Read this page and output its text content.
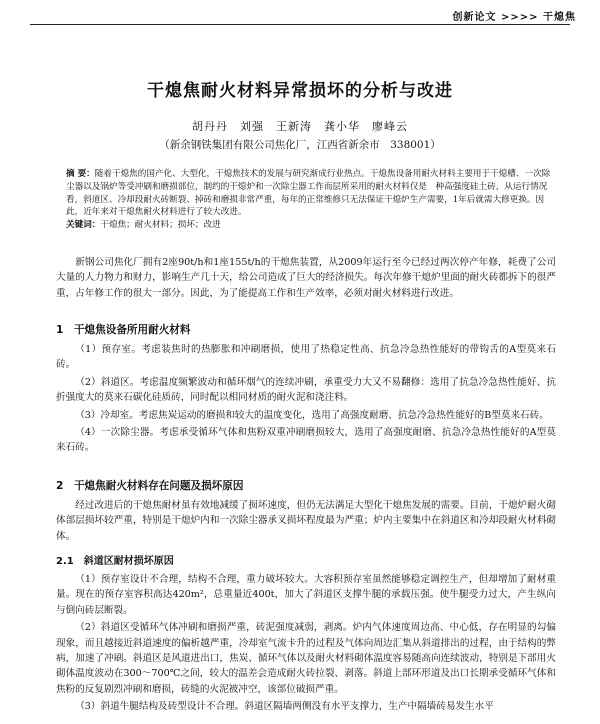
创新论文 >>>> 干熄焦
干熄焦耐火材料异常损坏的分析与改进
胡丹丹　刘强　王新涛　龚小华　廖峰云
（新余钢铁集团有限公司焦化厂，江西省新余市　338001）

摘 要：随着干熄焦的国产化、大型化，干熄焦技术的发展与研究渐成行业热点。干熄焦设备用耐火材料主要用于干熄槽、一次除尘器以及锅炉等受冲刷和磨损部位，制约的干熄炉和一次除尘器工作而层所采用的耐火材料仅是　种高强度硅土砖，从运行情况看，斜道区、冷却段耐火砖断裂、掉砖和磨损非常严重，每年的正常维修只无法保证干熄炉生产需要，1年后就需大修更换。因此，近年来对干熄焦耐火材料进行了较大改进。

关键词：干熄焦；耐火材料；损坏；改进

新钢公司焦化厂拥有2座90t/h和1座155t/h的干熄焦装置，从2009年运行至今已经过两次停产年修，耗费了公司大量的人力物力和财力，影响生产几十天，给公司造成了巨大的经济损失。每次年修干熄炉里面的耐火砖都拆下的很严重，占年修工作的很大一部分。因此，为了能提高工作和生产效率，必须对耐火材料进行改进。

1　干熄焦设备所用耐火材料

（1）预存室。考虑装焦时的热膨胀和冲刷磨损，使用了热稳定性高、抗急冷急热性能好的带钩舌的A型莫来石砖。

（2）斜道区。考虑温度频繁波动和循环烟气的连续冲刷，承重受力大又不易翻修：选用了抗急冷急热性能好、抗折强度大的莫来石碳化硅质砖，同时配以相同材质的耐火泥和浇注料。

（3）冷却室。考虑焦炭运动的磨损和较大的温度变化，选用了高强度耐磨、抗急冷急热性能好的B型莫来石砖。

（4）一次除尘器。考虑承受循环气体和焦粉双重冲刷磨损较大，选用了高强度耐磨、抗急冷急热性能好的A型莫来石砖。

2　干熄焦耐火材料存在问题及损坏原因

经过改进后的干熄焦耐材虽有效地减缓了损坏速度，但仍无法满足大型化干熄焦发展的需要。目前，干熄炉耐火砌体部层损坏较严重，特别是干熄炉内和一次除尘器承叉损坏程度最为严重；炉内主要集中在斜道区和冷却段耐火材料砌体。

2.1　斜道区耐材损坏原因

（1）预存室设计不合理，结构不合理，重力破坏较大。大容积预存室虽然能够稳定调控生产，但却增加了耐材重量。现在的预存室容积高达420m²，总重量近400t，加大了斜道区支撑牛腿的承载压强。使牛腿受力过大，产生纵向与倒向砖层断裂。

（2）斜道区受循环气体冲刷和磨损严重，砖泥强度减弱，剥离。炉内气体速度周边高、中心低，存在明显的勾偏现象，而且越接近斜道速度的偏析越严重，冷却室气流卡升的过程及气体向周边汇集从斜道排出的过程，由于结构的弊病，加速了冲刷。斜道区是风道进出口，焦炭、循环气体以及耐火材料砌体温度容易随高向连续波动，特别是下部用火砌体温度波动在300～700℃之间，较大的温差会造成耐火砖拉裂、剥落。斜道上部环形道及出口长期承受循环气体和焦粉的反复剧烈冲刷和磨损，砖缝的火泥被冲空，该部位破损严重。

（3）斜道牛腿结构及砖型设计不合理。斜道区隔墙两侧没有水平支撑力，生产中隔墙砖易发生水平
